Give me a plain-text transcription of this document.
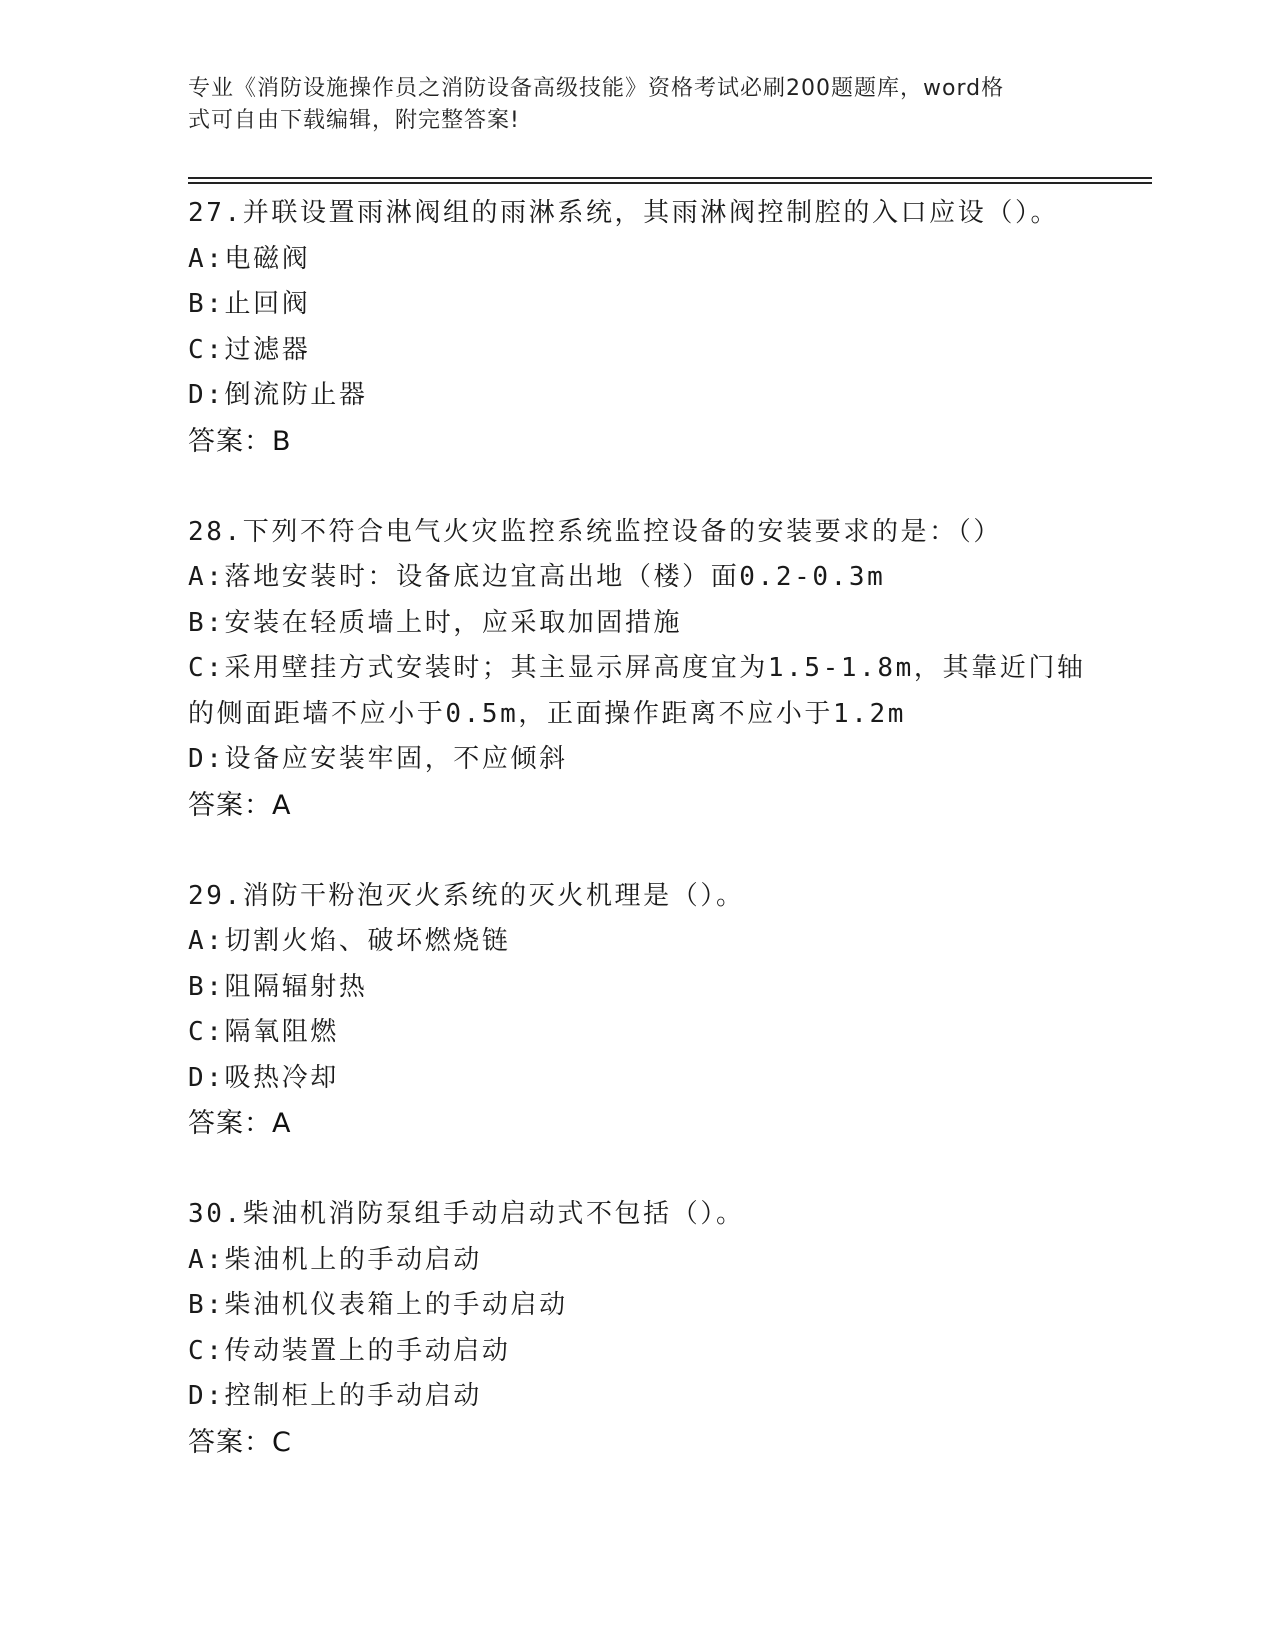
专业《消防设施操作员之消防设备高级技能》资格考试必刷200题题库，word格
式可自由下载编辑，附完整答案!
27.并联设置雨淋阀组的雨淋系统，其雨淋阀控制腔的入口应设（）。
A:电磁阀
B:止回阀
C:过滤器
D:倒流防止器
答案：B
28.下列不符合电气火灾监控系统监控设备的安装要求的是：（）
A:落地安装时：设备底边宜高出地（楼）面0.2-0.3m
B:安装在轻质墙上时，应采取加固措施
C:采用壁挂方式安装时；其主显示屏高度宜为1.5-1.8m，其靠近门轴
的侧面距墙不应小于0.5m，正面操作距离不应小于1.2m
D:设备应安装牢固，不应倾斜
答案：A
29.消防干粉泡灭火系统的灭火机理是（）。
A:切割火焰、破坏燃烧链
B:阻隔辐射热
C:隔氧阻燃
D:吸热冷却
答案：A
30.柴油机消防泵组手动启动式不包括（）。
A:柴油机上的手动启动
B:柴油机仪表箱上的手动启动
C:传动装置上的手动启动
D:控制柜上的手动启动
答案：C
